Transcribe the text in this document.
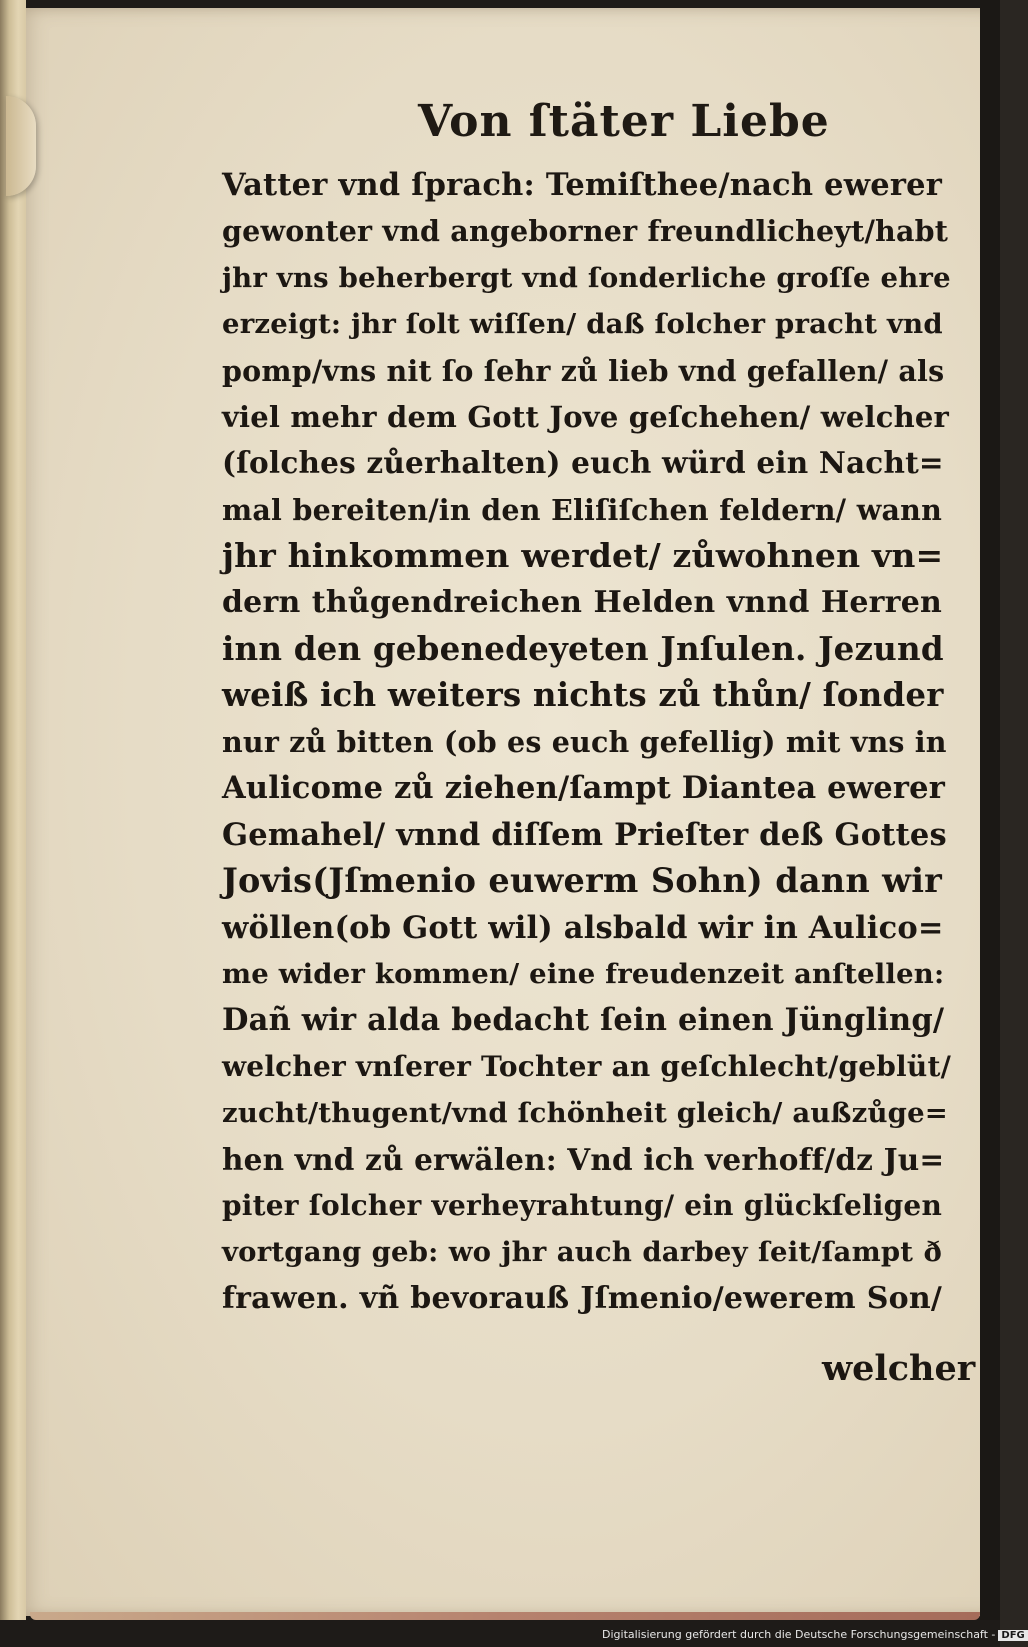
Von ſtäter Liebe
Vatter vnd ſprach: Temiſthee/nach ewerer
gewonter vnd angeborner freundlicheyt/habt
jhr vns beherbergt vnd ſonderliche groſſe ehre
erzeigt: jhr ſolt wiſſen/ daß ſolcher pracht vnd
pomp/vns nit ſo ſehr zů lieb vnd gefallen/ als
viel mehr dem Gott Jove geſchehen/ welcher
(ſolches zůerhalten) euch würd ein Nacht=
mal bereiten/in den Eliſiſchen feldern/ wann
jhr hinkommen werdet/ zůwohnen vn=
dern thůgendreichen Helden vnnd Herren
inn den gebenedeyeten Jnſulen. Jezund
weiß ich weiters nichts zů thůn/ ſonder
nur zů bitten (ob es euch gefellig) mit vns in
Aulicome zů ziehen/ſampt Diantea ewerer
Gemahel/ vnnd diſſem Prieſter deß Gottes
Jovis(Jſmenio euwerm Sohn) dann wir
wöllen(ob Gott wil) alsbald wir in Aulico=
me wider kommen/ eine freudenzeit anſtellen:
Dañ wir alda bedacht ſein einen Jüngling/
welcher vnſerer Tochter an geſchlecht/geblüt/
zucht/thugent/vnd ſchönheit gleich/ außzůge=
hen vnd zů erwälen: Vnd ich verhoff/dz Ju=
piter ſolcher verheyrahtung/ ein glückſeligen
vortgang geb: wo jhr auch darbey ſeit/ſampt ð
frawen. vñ bevorauß Jſmenio/ewerem Son/
welcher
Digitalisierung gefördert durch die Deutsche Forschungsgemeinschaft - DFG
